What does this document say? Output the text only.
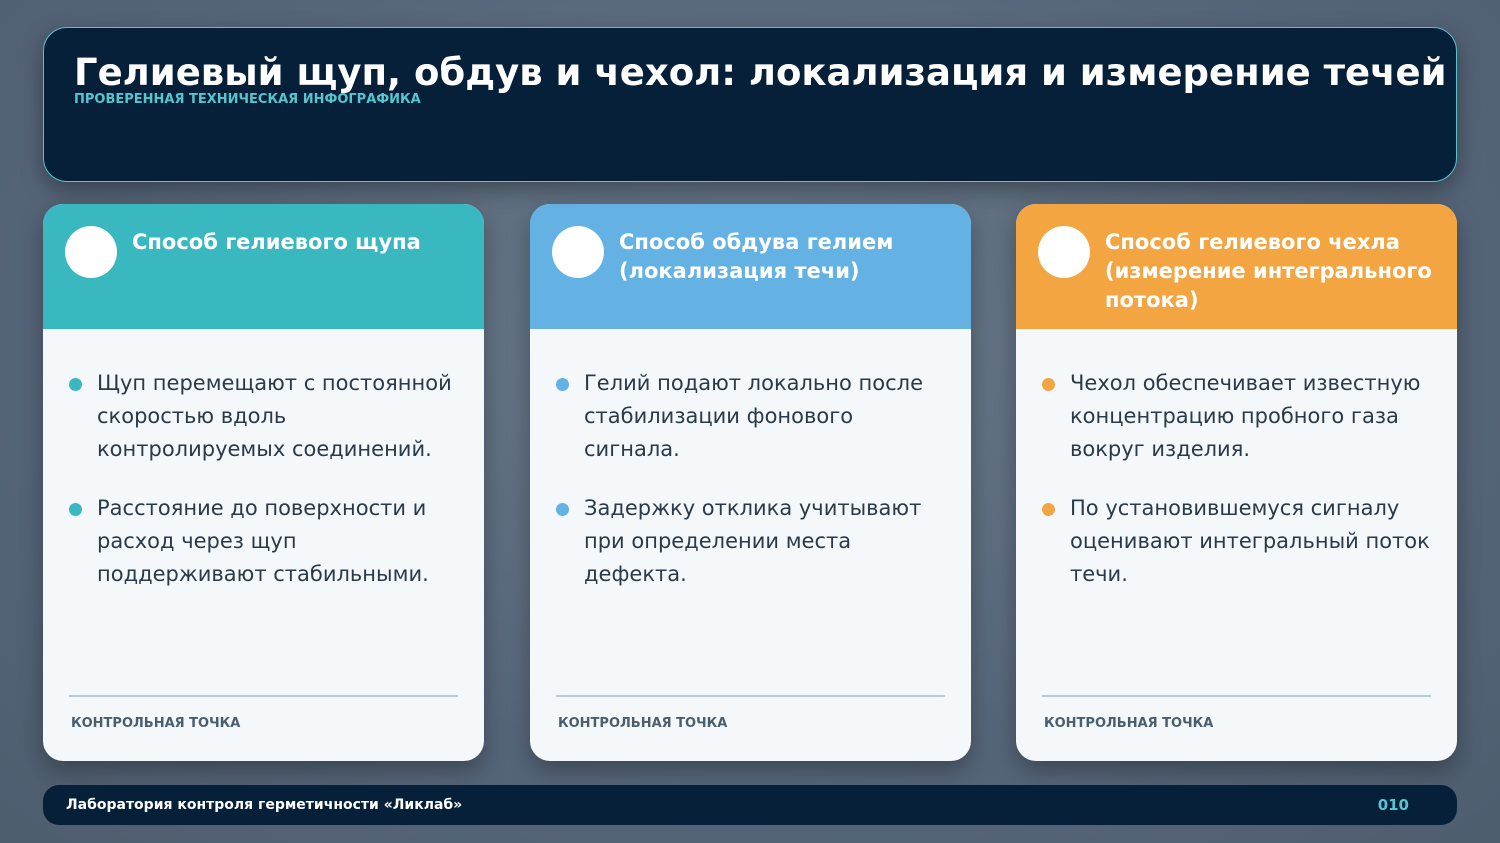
Гелиевый щуп, обдув и чехол: локализация и измерение течей
ПРОВЕРЕННАЯ ТЕХНИЧЕСКАЯ ИНФОГРАФИКА
1 Способ гелиевого щупа
Щуп перемещают с постоянной скоростью вдоль контролируемых соединений.
Расстояние до поверхности и расход через щуп поддерживают стабильными.
КОНТРОЛЬНАЯ ТОЧКА
2 Способ обдува гелием (локализация течи)
Гелий подают локально после стабилизации фонового сигнала.
Задержку отклика учитывают при определении места дефекта.
КОНТРОЛЬНАЯ ТОЧКА
3 Способ гелиевого чехла (измерение интегрального потока)
Чехол обеспечивает известную концентрацию пробного газа вокруг изделия.
По установившемуся сигналу оценивают интегральный поток течи.
КОНТРОЛЬНАЯ ТОЧКА
Лаборатория контроля герметичности «Ликлаб»	010
